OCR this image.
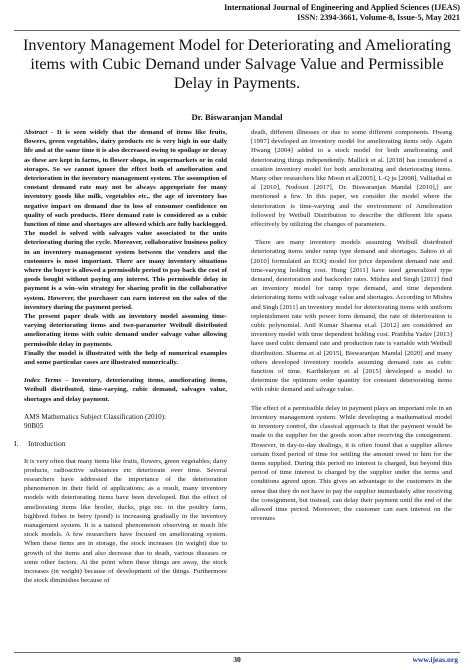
International Journal of Engineering and Applied Sciences (IJEAS)
ISSN: 2394-3661, Volume-8, Issue-5, May 2021
Inventory Management Model for Deteriorating and Ameliorating items with Cubic Demand under Salvage Value and Permissible Delay in Payments.
Dr. Biswaranjan Mandal

Abstract - It is seen widely that the demand of items like fruits, flowers, green vegetables, dairy products etc is very high in our daily life and at the same time it is also decreased owing to spoilage or decay as these are kept in farms, in flower shops, in supermarkets or in cold storages. So we cannot ignore the effect both of amelioration and deterioration in the inventory management system. The assumption of constant demand rate may not be always appropriate for many inventory goods like milk, vegetables etc., the age of inventory has negative impact on demand due to loss of consumer confidence on quality of such products. Here demand rate is considered as a cubic function of time and shortages are allowed which are fully backlogged. The model is solved with salvages value associated to the units deteriorating during the cycle. Moreover, collaborative business policy in an inventory management system between the venders and the customers is most important. There are many inventory situations where the buyer is allowed a permissible period to pay back the cost of goods bought without paying any interest. This permissible delay in payment is a win–win strategy for sharing profit in the collaborative system. However, the purchaser can earn interest on the sales of the inventory during the payment period.

The present paper deals with an inventory model assuming time-varying deteriorating items and two-parameter Weibull distributed ameliorating items with cubic demand under salvage value allowing permissible delay in payments.

Finally the model is illustrated with the help of numerical examples and some particular cases are illustrated numerically.

Index Terms - Inventory, deteriorating items, ameliorating items, Weibull distributed, time-varying, cubic demand, salvages value, shortages and delay payment.
AMS Mathematics Subject Classification (2010):
90B05
I. Introduction

It is very often that many items like fruits, flowers, green vegetables, dairy products, radioactive substances etc deteriorate over time. Several researchers have addressed the importance of the deterioration phenomenon in their field of applications; as a result, many inventory models with deteriorating items have been developed. But the effect of ameliorating items like broiler, ducks, pigs etc. in the poultry farm, highbred fishes in berry (pond) is increasing gradually in the inventory management system. It is a natural phenomenon observing in much life stock models. A few researchers have focused on ameliorating system. When these items are in storage, the stock increases (in weight) due to growth of the items and also decrease due to death, various diseases or some other factors. At the point when these things are away, the stock increases (in weight) because of development of the things. Furthermore the stock diminishes because of

death, different illnesses or due to some different components. Hwang [1997] developed an inventory model for ameliorating items only. Again Hwang [2004] added to a stock model for both ameliorating and deteriorating things independently. Mallick et al. [2018] has considered a creation inventory model for both ameliorating and deteriorating items. Many other researchers like Moon et al[2005], L-Q ju [2008], Valliathal et al [2010], Nodoust [2017], Dr. Biswaranjan Mandal [2010],] are mentioned a few. In this paper, we consider the model where the deterioration is time-varying and the environment of Amelioration followed by Weibull Distribution to describe the different life spans effectively by utilizing the changes of parameters.

There are many inventory models assuming Weibull distributed deteriorating items under ramp type demand and shortages. Sahoo et al [2010] formulated an EOQ model for price dependent demand rate and time-varying holding cost. Hung [2011] have used generalized type demand, deterioration and backorder rates. Mishra and Singh [2011] find an inventory model for ramp type demand, and time dependent deteriorating items with salvage value and shortages. According to Mishra and Singh [2011] an inventory model for deteriorating items with uniform replenishment rate with power form demand, the rate of deterioration is cubic polynomial. Anil Kumar Sharma et.al. [2012] are considered an inventory model with time dependent holding cost. Pratibha Yadav [2013] have used cubic demand rate and production rate is variable with Weibull distribution. Sharma et al [2015], Biswaranjan Mandal [2020] and many others developed inventory models assuming demand rate as cubic function of time. Karthikeyan et al [2015] developed a model to determine the optimum order quantity for constant deteriorating items with cubic demand and salvage value.

The effect of a permissible delay in payment plays an important role in an inventory management system. While developing a mathematical model in inventory control, the classical approach is that the payment would be made to the supplier for the goods soon after receiving the consignment. However, in day-to-day dealings, it is often found that a supplier allows certain fixed period of time for settling the amount owed to him for the items supplied. During this period no interest is charged, but beyond this period of time interest is charged by the supplier under the terms and conditions agreed upon. This gives an advantage to the customers in the sense that they do not have to pay the supplier immediately after receiving the consignment, but instead, can delay their payment until the end of the allowed time period. Moreover, the customer can earn interest on the revenues

30	www.ijeas.org
